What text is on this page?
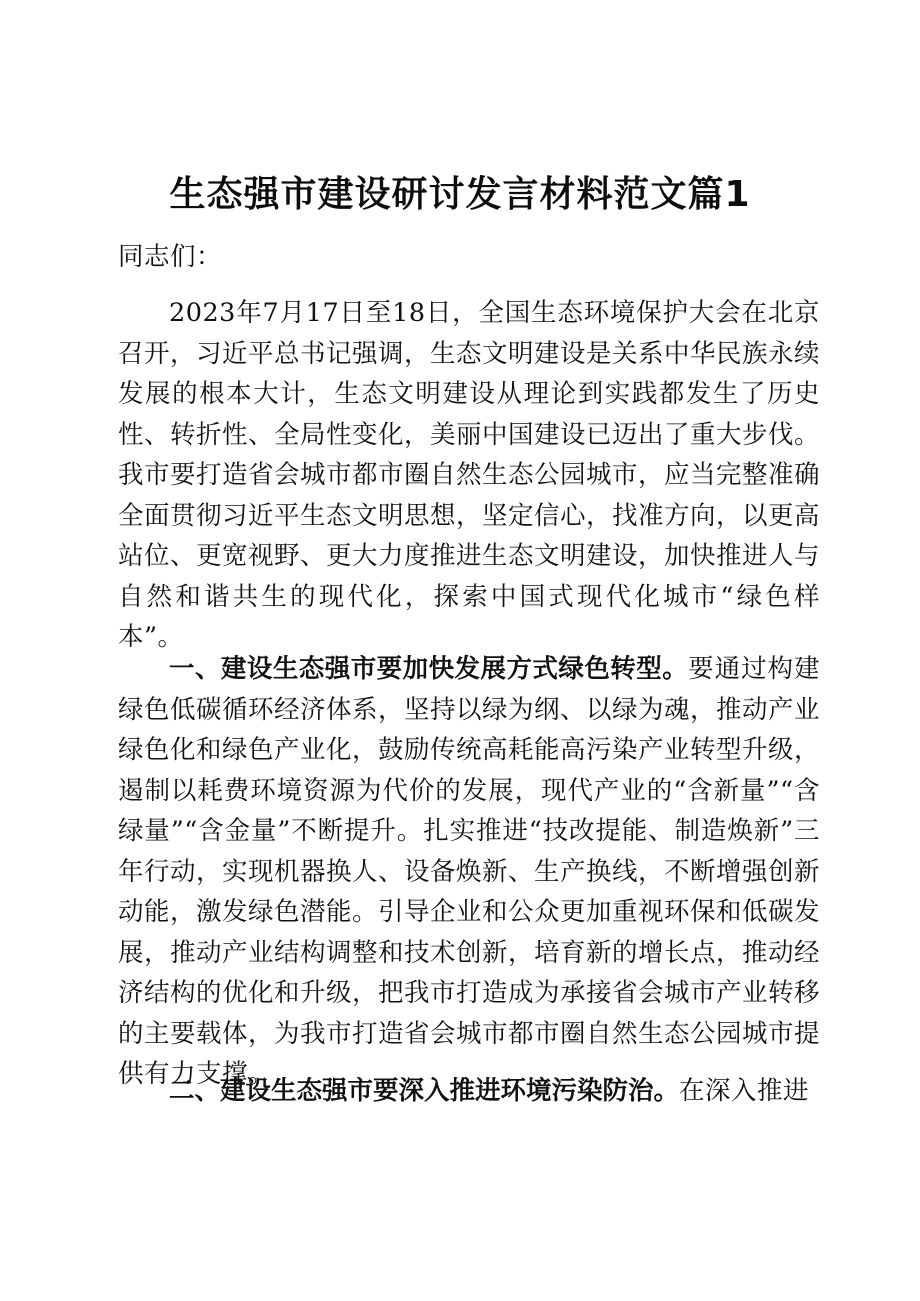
生态强市建设研讨发言材料范文篇1
同志们：
2023年7月17日至18日，全国生态环境保护大会在北京召开，习近平总书记强调，生态文明建设是关系中华民族永续发展的根本大计，生态文明建设从理论到实践都发生了历史性、转折性、全局性变化，美丽中国建设已迈出了重大步伐。我市要打造省会城市都市圈自然生态公园城市，应当完整准确全面贯彻习近平生态文明思想，坚定信心，找准方向，以更高站位、更宽视野、更大力度推进生态文明建设，加快推进人与自然和谐共生的现代化，探索中国式现代化城市“绿色样本”。
一、建设生态强市要加快发展方式绿色转型。要通过构建绿色低碳循环经济体系，坚持以绿为纲、以绿为魂，推动产业绿色化和绿色产业化，鼓励传统高耗能高污染产业转型升级，遏制以耗费环境资源为代价的发展，现代产业的“含新量”“含绿量”“含金量”不断提升。扎实推进“技改提能、制造焕新”三年行动，实现机器换人、设备焕新、生产换线，不断增强创新动能，激发绿色潜能。引导企业和公众更加重视环保和低碳发展，推动产业结构调整和技术创新，培育新的增长点，推动经济结构的优化和升级，把我市打造成为承接省会城市产业转移的主要载体，为我市打造省会城市都市圈自然生态公园城市提供有力支撑。
二、建设生态强市要深入推进环境污染防治。在深入推进
